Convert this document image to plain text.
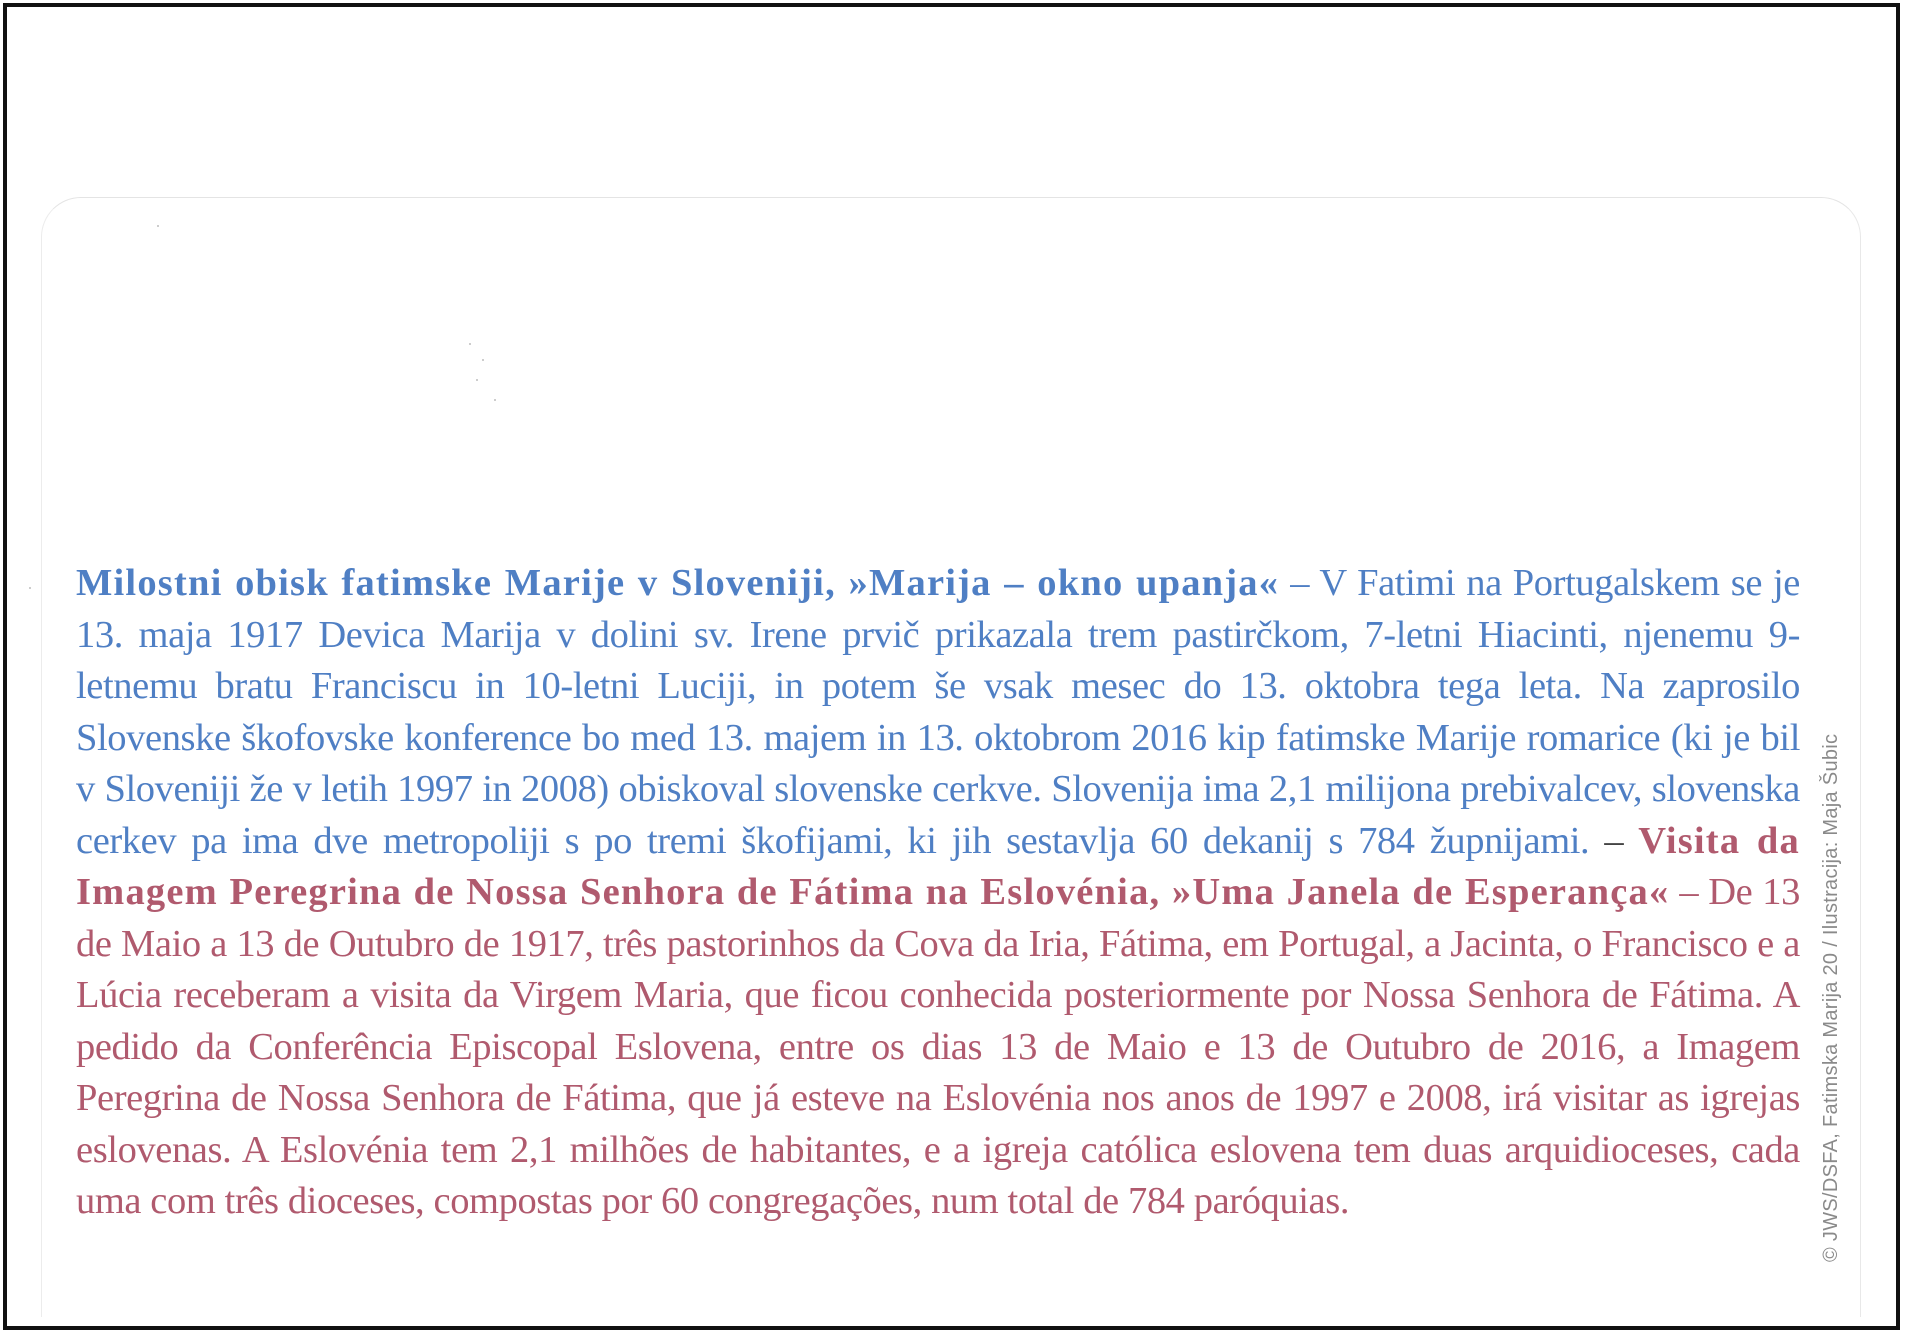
Milostni obisk fatimske Marije v Sloveniji, »Marija – okno upanja« – V Fatimi na Portugalskem se je 13. maja 1917 Devica Marija v dolini sv. Irene prvič prikazala trem pastirčkom, 7-letni Hiacinti, njenemu 9-letnemu bratu Franciscu in 10-letni Luciji, in potem še vsak mesec do 13. oktobra tega leta. Na zaprosilo Slovenske škofovske konference bo med 13. majem in 13. oktobrom 2016 kip fatimske Marije romarice (ki je bil v Sloveniji že v letih 1997 in 2008) obiskoval slovenske cerkve. Slovenija ima 2,1 milijona prebivalcev, slovenska cerkev pa ima dve metropoliji s po tremi škofijami, ki jih sestavlja 60 dekanij s 784 župnijami. – Visita da Imagem Peregrina de Nossa Senhora de Fátima na Eslovénia, »Uma Janela de Esperança« – De 13 de Maio a 13 de Outubro de 1917, três pastorinhos da Cova da Iria, Fátima, em Portugal, a Jacinta, o Francisco e a Lúcia receberam a visita da Virgem Maria, que ficou conhecida posteriormente por Nossa Senhora de Fátima. A pedido da Conferência Episcopal Eslovena, entre os dias 13 de Maio e 13 de Outubro de 2016, a Imagem Peregrina de Nossa Senhora de Fátima, que já esteve na Eslovénia nos anos de 1997 e 2008, irá visitar as igrejas eslovenas. A Eslovénia tem 2,1 milhões de habitantes, e a igreja católica eslovena tem duas arquidioceses, cada uma com três dioceses, compostas por 60 congregações, num total de 784 paróquias.	© JWS/DSFA, Fatimska Marija 20 / Ilustracija: Maja Šubic
